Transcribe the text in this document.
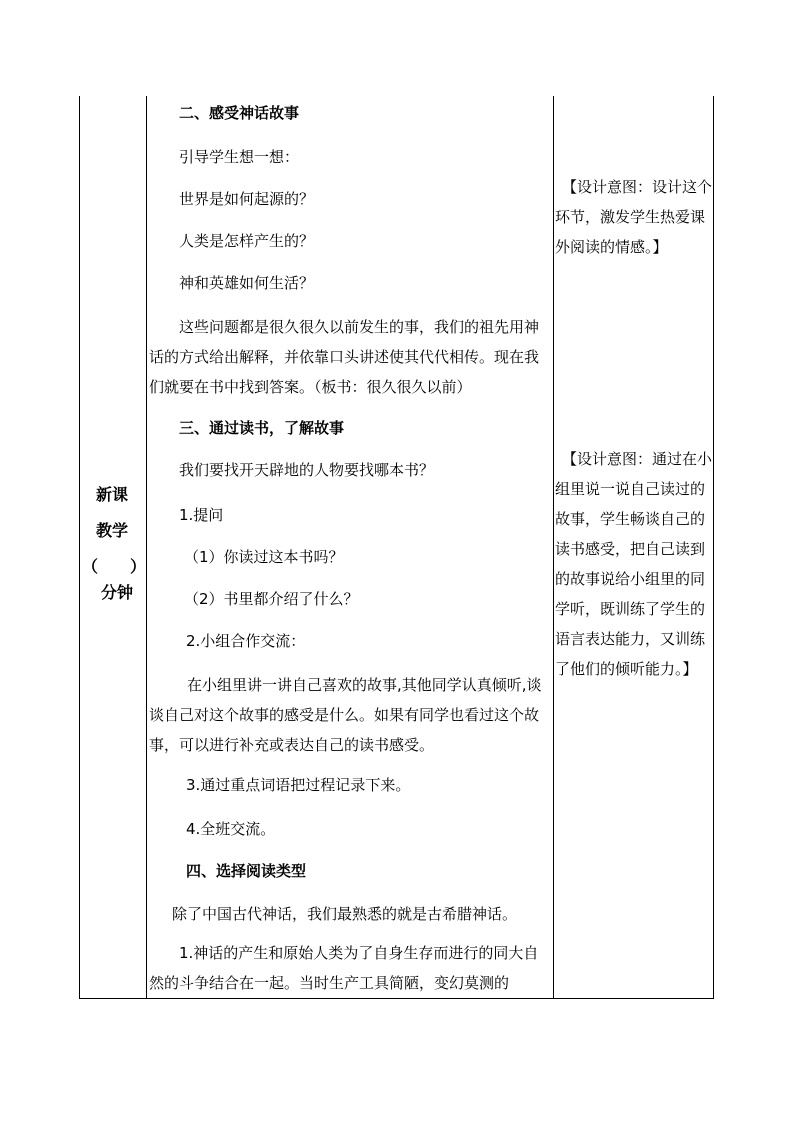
新课
教学
（ ）
分钟
二、感受神话故事
引导学生想一想：
世界是如何起源的？
人类是怎样产生的？
神和英雄如何生活？
这些问题都是很久很久以前发生的事，我们的祖先用神话的方式给出解释，并依靠口头讲述使其代代相传。现在我们就要在书中找到答案。（板书：很久很久以前）
三、通过读书，了解故事
我们要找开天辟地的人物要找哪本书？
1.提问
（1）你读过这本书吗？
（2）书里都介绍了什么？
2.小组合作交流：
在小组里讲一讲自己喜欢的故事,其他同学认真倾听,谈谈自己对这个故事的感受是什么。如果有同学也看过这个故事，可以进行补充或表达自己的读书感受。
3.通过重点词语把过程记录下来。
4.全班交流。
四、选择阅读类型
除了中国古代神话，我们最熟悉的就是古希腊神话。
1.神话的产生和原始人类为了自身生存而进行的同大自然的斗争结合在一起。当时生产工具简陋，变幻莫测的
【设计意图：设计这个环节，激发学生热爱课外阅读的情感。】
【设计意图：通过在小组里说一说自己读过的故事，学生畅谈自己的读书感受，把自己读到的故事说给小组里的同学听，既训练了学生的语言表达能力，又训练了他们的倾听能力。】
